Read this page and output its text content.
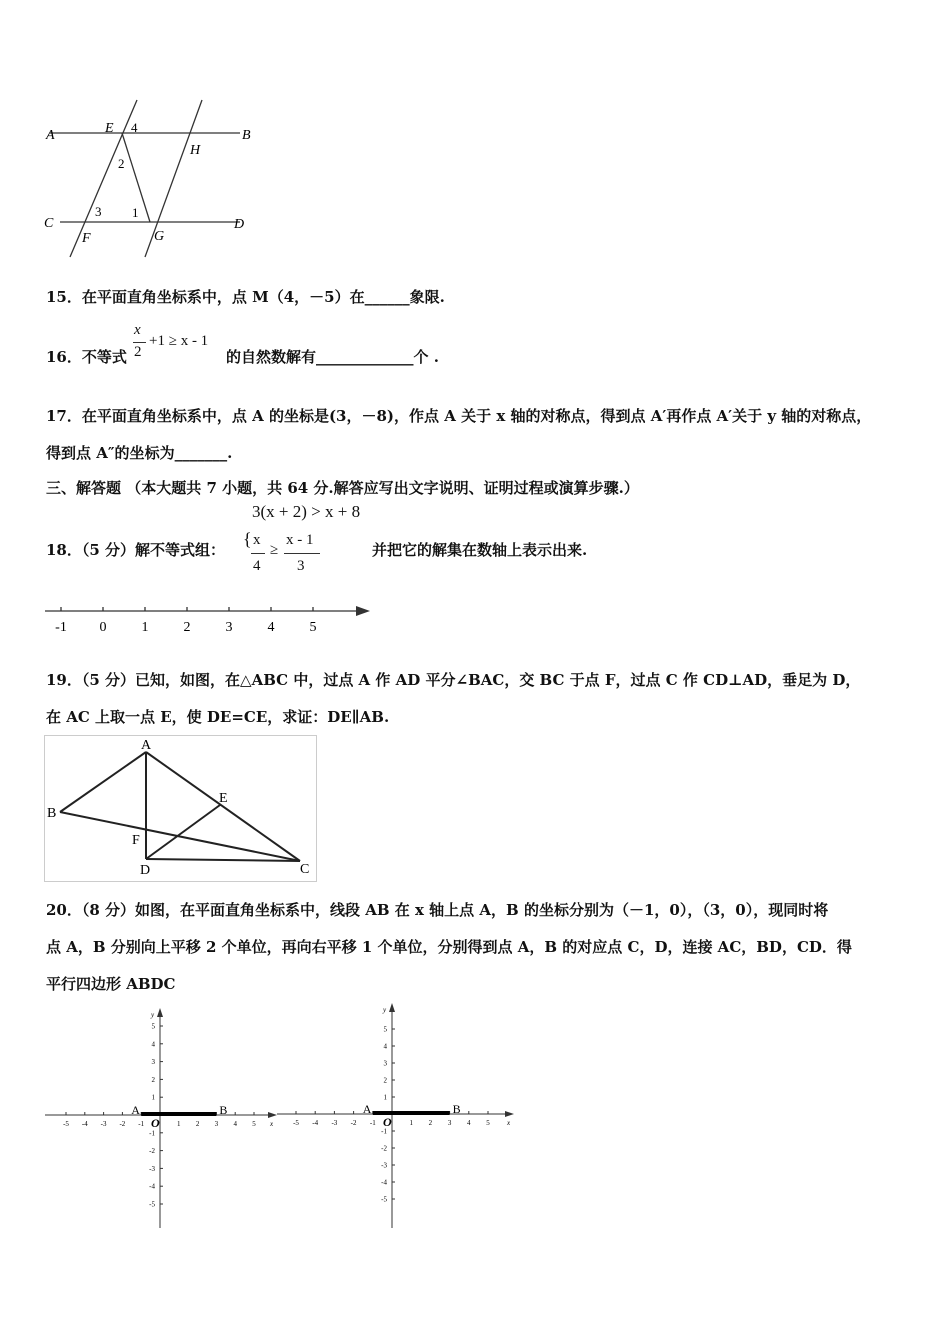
A	B
C	D
E
F	G
H
1
2
3
4
15．在平面直角坐标系中，点 M（4，－5）在______象限.
16．不等式
x
2
+1 ≥ x - 1
的自然数解有_____________个 .
17．在平面直角坐标系中，点 A 的坐标是(3，－8)，作点 A 关于 x 轴的对称点，得到点 A′再作点 A′关于 y 轴的对称点，
得到点 A″的坐标为_______.
三、解答题 （本大题共 7 小题，共 64 分.解答应写出文字说明、证明过程或演算步骤.）
3(x + 2) > x + 8
18．（5 分）解不等式组：
{ x
4
≥
x - 1
3
并把它的解集在数轴上表示出来.
-1 0	1	2	3	4	5
19．（5 分）已知，如图，在△ABC 中，过点 A 作 AD 平分∠BAC，交 BC 于点 F，过点 C 作 CD⊥AD，垂足为 D，
在 AC 上取一点 E，使 DE=CE，求证：DE∥AB.
A
B
C
D
E
F
20．（8 分）如图，在平面直角坐标系中，线段 AB 在 x 轴上点 A，B 的坐标分别为（－1，0），（3，0），现同时将
点 A，B 分别向上平移 2 个单位，再向右平移 1 个单位，分别得到点 A，B 的对应点 C，D，连接 AC，BD，CD．得
平行四边形 ABDC
-5 -4 -3 -2 -1	1 2 3 4 5
5
4
3
2
1
-1
-2
-3
-4
-5
x
y
O
A	B
-5 -4 -3 -2 -1	1 2 3 4 5
5
4
3
2
1
-1
-2
-3
-4
-5
x
y
O
A	B
